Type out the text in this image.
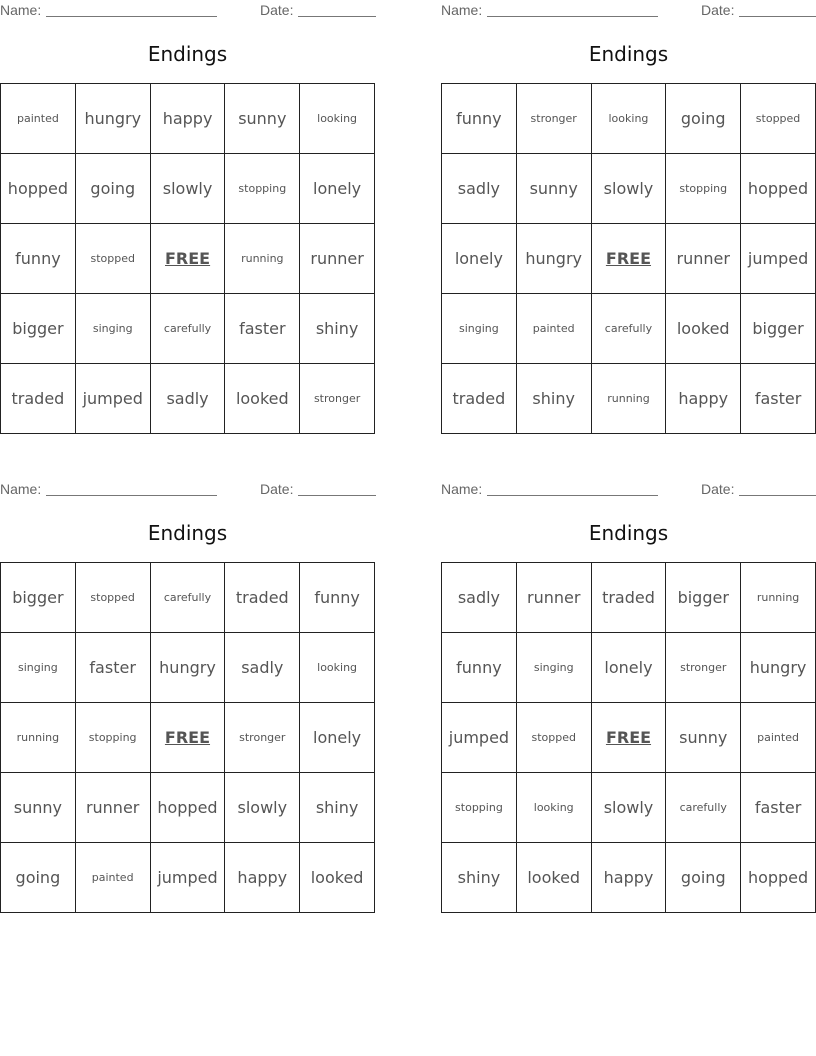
Name:	Date:
Endings
painted	hungry	happy	sunny	looking
hopped	going	slowly	stopping	lonely
funny	stopped	FREE	running	runner
bigger	singing	carefully	faster	shiny
traded	jumped	sadly	looked	stronger
Name:	Date:
Endings
funny	stronger	looking	going	stopped
sadly	sunny	slowly	stopping	hopped
lonely	hungry	FREE	runner	jumped
singing	painted	carefully	looked	bigger
traded	shiny	running	happy	faster
Name:	Date:
Endings
bigger	stopped	carefully	traded	funny
singing	faster	hungry	sadly	looking
running	stopping	FREE	stronger	lonely
sunny	runner	hopped	slowly	shiny
going	painted	jumped	happy	looked
Name:	Date:
Endings
sadly	runner	traded	bigger	running
funny	singing	lonely	stronger	hungry
jumped	stopped	FREE	sunny	painted
stopping	looking	slowly	carefully	faster
shiny	looked	happy	going	hopped
